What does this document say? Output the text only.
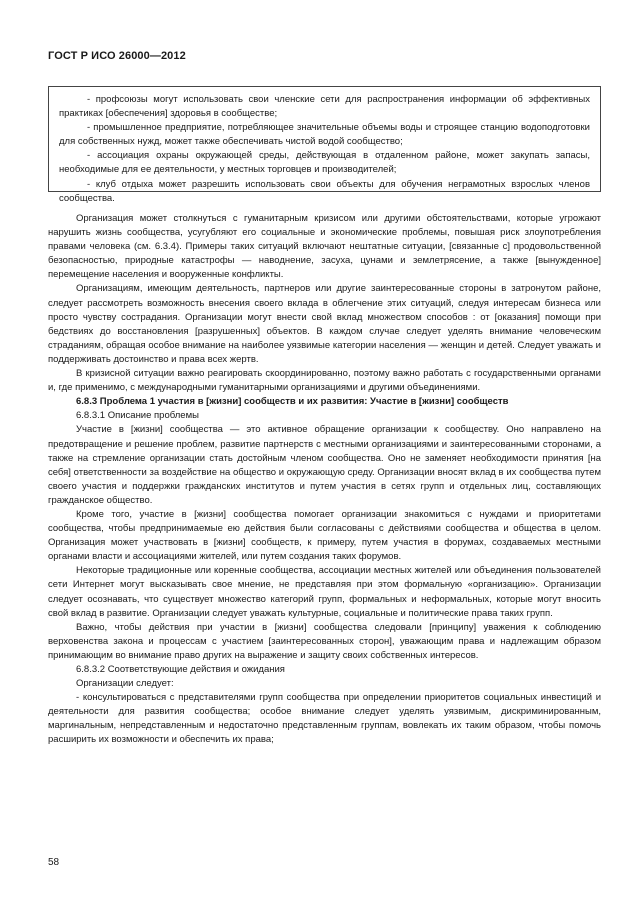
ГОСТ Р ИСО 26000—2012

- профсоюзы могут использовать свои членские сети для распространения информации об эффективных практиках [обеспечения] здоровья в сообществе;

- промышленное предприятие, потребляющее значительные объемы воды и строящее станцию водоподготовки для собственных нужд, может также обеспечивать чистой водой сообщество;

- ассоциация охраны окружающей среды, действующая в отдаленном районе, может закупать запасы, необходимые для ее деятельности, у местных торговцев и производителей;

- клуб отдыха может разрешить использовать свои объекты для обучения неграмотных взрослых членов сообщества.

Организация может столкнуться с гуманитарным кризисом или другими обстоятельствами, которые угрожают нарушить жизнь сообщества, усугубляют его социальные и экономические проблемы, повышая риск злоупотребления правами человека (см. 6.3.4). Примеры таких ситуаций включают нештатные ситуации, [связанные с] продовольственной безопасностью, природные катастрофы — наводнение, засуха, цунами и землетрясение, а также [вынужденное] перемещение населения и вооруженные конфликты.

Организациям, имеющим деятельность, партнеров или другие заинтересованные стороны в затронутом районе, следует рассмотреть возможность внесения своего вклада в облегчение этих ситуаций, следуя интересам бизнеса или просто чувству сострадания. Организации могут внести свой вклад множеством способов : от [оказания] помощи при бедствиях до восстановления [разрушенных] объектов. В каждом случае следует уделять внимание человеческим страданиям, обращая особое внимание на наиболее уязвимые категории населения — женщин и детей. Следует уважать и поддерживать достоинство и права всех жертв.

В кризисной ситуации важно реагировать скоординированно, поэтому важно работать с государственными органами и, где применимо, с международными гуманитарными организациями и другими объединениями.

6.8.3 Проблема 1 участия в [жизни] сообществ и их развития: Участие в [жизни] сообществ

6.8.3.1 Описание проблемы

Участие в [жизни] сообщества — это активное обращение организации к сообществу. Оно направлено на предотвращение и решение проблем, развитие партнерств с местными организациями и заинтересованными сторонами, а также на стремление организации стать достойным членом сообщества. Оно не заменяет необходимости принятия [на себя] ответственности за воздействие на общество и окружающую среду. Организации вносят вклад в их сообщества путем своего участия и поддержки гражданских институтов и путем участия в сетях групп и отдельных лиц, составляющих гражданское общество.

Кроме того, участие в [жизни] сообщества помогает организации знакомиться с нуждами и приоритетами сообщества, чтобы предпринимаемые ею действия были согласованы с действиями сообщества и общества в целом. Организация может участвовать в [жизни] сообществ, к примеру, путем участия в форумах, создаваемых местными органами власти и ассоциациями жителей, или путем создания таких форумов.

Некоторые традиционные или коренные сообщества, ассоциации местных жителей или объединения пользователей сети Интернет могут высказывать свое мнение, не представляя при этом формальную «организацию». Организации следует осознавать, что существует множество категорий групп, формальных и неформальных, которые могут вносить свой вклад в развитие. Организации следует уважать культурные, социальные и политические права таких групп.

Важно, чтобы действия при участии в [жизни] сообщества следовали [принципу] уважения к соблюдению верховенства закона и процессам с участием [заинтересованных сторон], уважающим права и надлежащим образом принимающим во внимание право других на выражение и защиту своих собственных интересов.

6.8.3.2 Соответствующие действия и ожидания

Организации следует:

- консультироваться с представителями групп сообщества при определении приоритетов социальных инвестиций и деятельности для развития сообщества; особое внимание следует уделять уязвимым, дискриминированным, маргинальным, непредставленным и недостаточно представленным группам, вовлекать их таким образом, чтобы помочь расширить их возможности и обеспечить их права;

58
